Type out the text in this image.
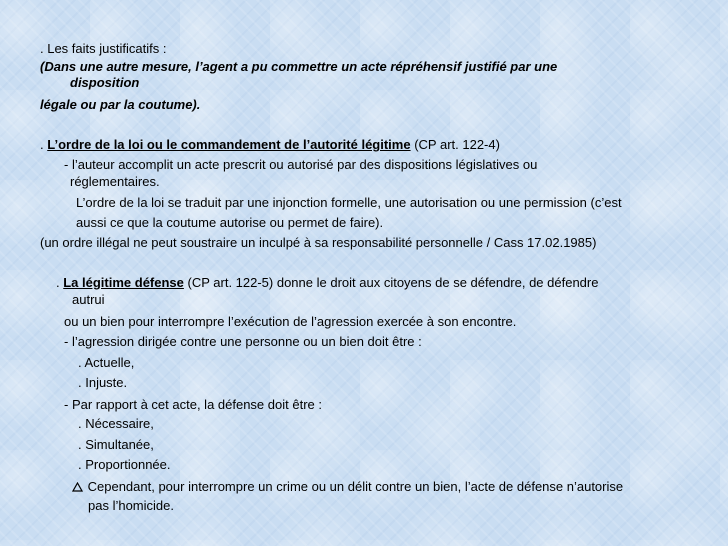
. Les faits justificatifs :
(Dans une autre mesure, l’agent a pu commettre un acte répréhensif justifié par une
disposition
légale ou par la coutume).
. L’ordre de la loi ou le commandement de l’autorité légitime (CP art. 122-4)
- l’auteur accomplit un acte prescrit ou autorisé par des dispositions législatives ou
réglementaires.
L’ordre de la loi se traduit par une injonction formelle, une autorisation ou une permission (c’est
aussi ce que la coutume autorise ou permet de faire).
(un ordre illégal ne peut soustraire un inculpé à sa responsabilité personnelle / Cass 17.02.1985)
. La légitime défense (CP art. 122-5) donne le droit aux citoyens de se défendre, de défendre
autrui
ou un bien pour interrompre l’exécution de l’agression exercée à son encontre.
- l’agression dirigée contre une personne ou un bien doit être :
. Actuelle,
. Injuste.
- Par rapport à cet acte, la défense doit être :
. Nécessaire,
. Simultanée,
. Proportionnée.
Cependant, pour interrompre un crime ou un délit contre un bien, l’acte de défense n’autorise
pas l’homicide.
